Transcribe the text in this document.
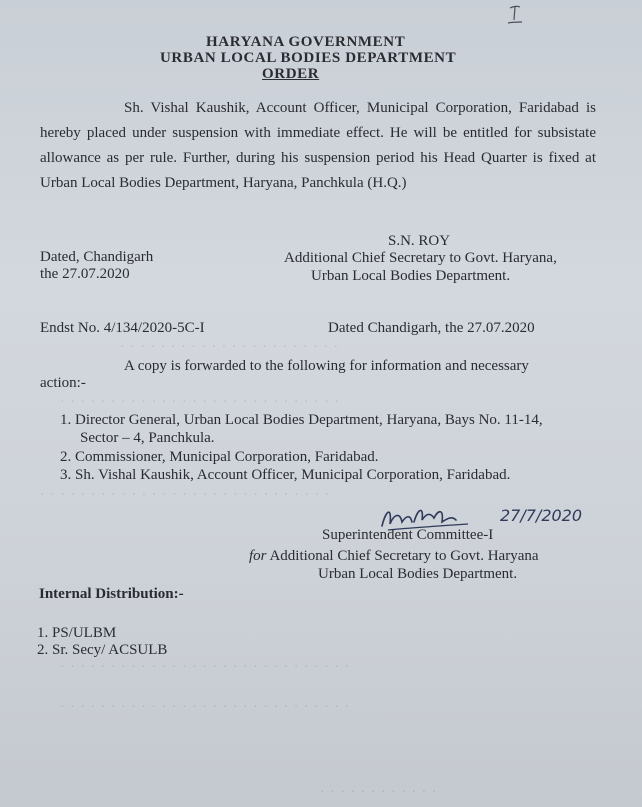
· · · · · · · · · · · · · · · · · · · · · ·
· · · · · · · · · · · · · · · · · · · · · · · · · · · ·
· · · · · · · · · · · · · · · · · · · · · · · · · · · · ·
· · · · · · · · · · · · · · · · · · · · · · · · · · · · ·
· · · · · · · · · · · · · · · · · · · · · · · · · · · · ·
· · · · · · · · · · · ·
HARYANA GOVERNMENT
URBAN LOCAL BODIES DEPARTMENT
ORDER
Sh. Vishal Kaushik, Account Officer, Municipal Corporation, Faridabad is hereby placed under suspension with immediate effect. He will be entitled for subsistate allowance as per rule. Further, during his suspension period his Head Quarter is fixed at Urban Local Bodies Department, Haryana, Panchkula (H.Q.)
Dated, Chandigarh
the 27.07.2020
S.N. ROY
Additional Chief Secretary to Govt. Haryana,
Urban Local Bodies Department.
Endst No. 4/134/2020-5C-I	Dated Chandigarh, the 27.07.2020
A copy is forwarded to the following for information and necessary
action:-
1. Director General, Urban Local Bodies Department, Haryana, Bays No. 11-14,
Sector – 4, Panchkula.
2. Commissioner, Municipal Corporation, Faridabad.
3. Sh. Vishal Kaushik, Account Officer, Municipal Corporation, Faridabad.
27/7/2020
Superintendent Committee-I
for Additional Chief Secretary to Govt. Haryana
Urban Local Bodies Department.
Internal Distribution:-
1. PS/ULBM
2. Sr. Secy/ ACSULB
